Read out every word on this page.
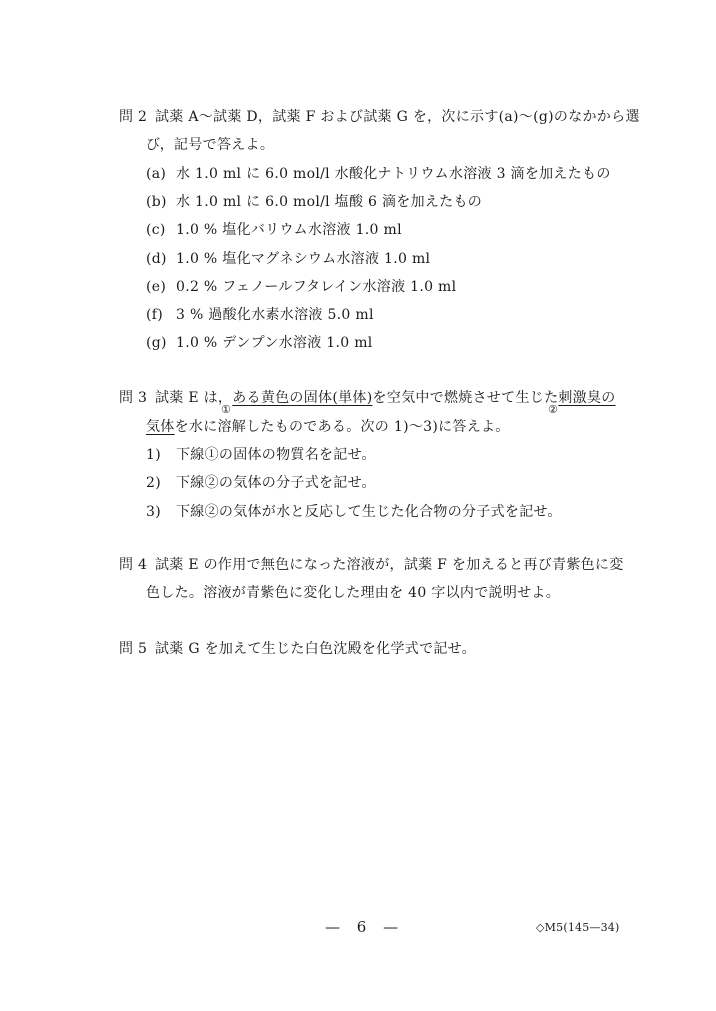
問 2 試薬 A～試薬 D，試薬 F および試薬 G を，次に示す(a)～(g)のなかから選
び，記号で答えよ。
(a) 水 1.0 ml に 6.0 mol/l 水酸化ナトリウム水溶液 3 滴を加えたもの
(b) 水 1.0 ml に 6.0 mol/l 塩酸 6 滴を加えたもの
(c) 1.0 % 塩化バリウム水溶液 1.0 ml
(d) 1.0 % 塩化マグネシウム水溶液 1.0 ml
(e) 0.2 % フェノールフタレイン水溶液 1.0 ml
(f) 3 % 過酸化水素水溶液 5.0 ml
(g) 1.0 % デンプン水溶液 1.0 ml
問 3 試薬 E は，ある黄色の固体(単体)を空気中で燃焼させて生じた刺激臭の
①	②
気体を水に溶解したものである。次の 1)～3)に答えよ。
1) 下線①の固体の物質名を記せ。
2) 下線②の気体の分子式を記せ。
3) 下線②の気体が水と反応して生じた化合物の分子式を記せ。
問 4 試薬 E の作用で無色になった溶液が，試薬 F を加えると再び青紫色に変
色した。溶液が青紫色に変化した理由を 40 字以内で説明せよ。
問 5 試薬 G を加えて生じた白色沈殿を化学式で記せ。
— 6 —	◇M5(145—34)
